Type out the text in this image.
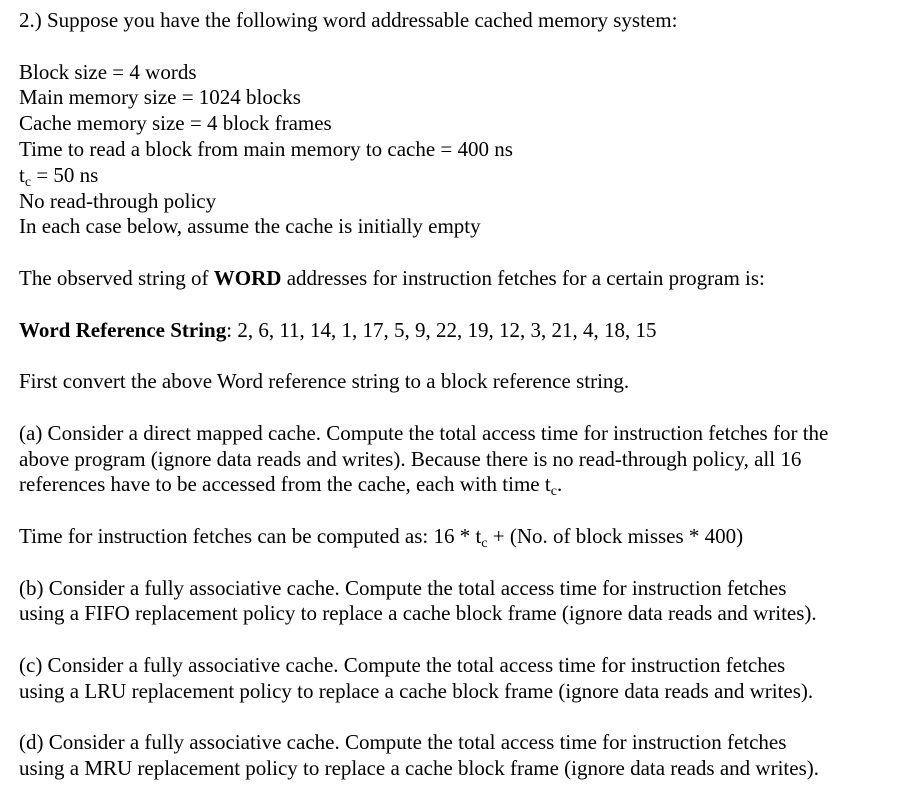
2.) Suppose you have the following word addressable cached memory system:

Block size = 4 words

Main memory size = 1024 blocks

Cache memory size = 4 block frames

Time to read a block from main memory to cache = 400 ns

tc = 50 ns

No read-through policy

In each case below, assume the cache is initially empty

The observed string of WORD addresses for instruction fetches for a certain program is:

Word Reference String: 2, 6, 11, 14, 1, 17, 5, 9, 22, 19, 12, 3, 21, 4, 18, 15

First convert the above Word reference string to a block reference string.

(a) Consider a direct mapped cache. Compute the total access time for instruction fetches for the

above program (ignore data reads and writes). Because there is no read-through policy, all 16

references have to be accessed from the cache, each with time tc.

Time for instruction fetches can be computed as: 16 * tc + (No. of block misses * 400)

(b) Consider a fully associative cache. Compute the total access time for instruction fetches

using a FIFO replacement policy to replace a cache block frame (ignore data reads and writes).

(c) Consider a fully associative cache. Compute the total access time for instruction fetches

using a LRU replacement policy to replace a cache block frame (ignore data reads and writes).

(d) Consider a fully associative cache. Compute the total access time for instruction fetches

using a MRU replacement policy to replace a cache block frame (ignore data reads and writes).
